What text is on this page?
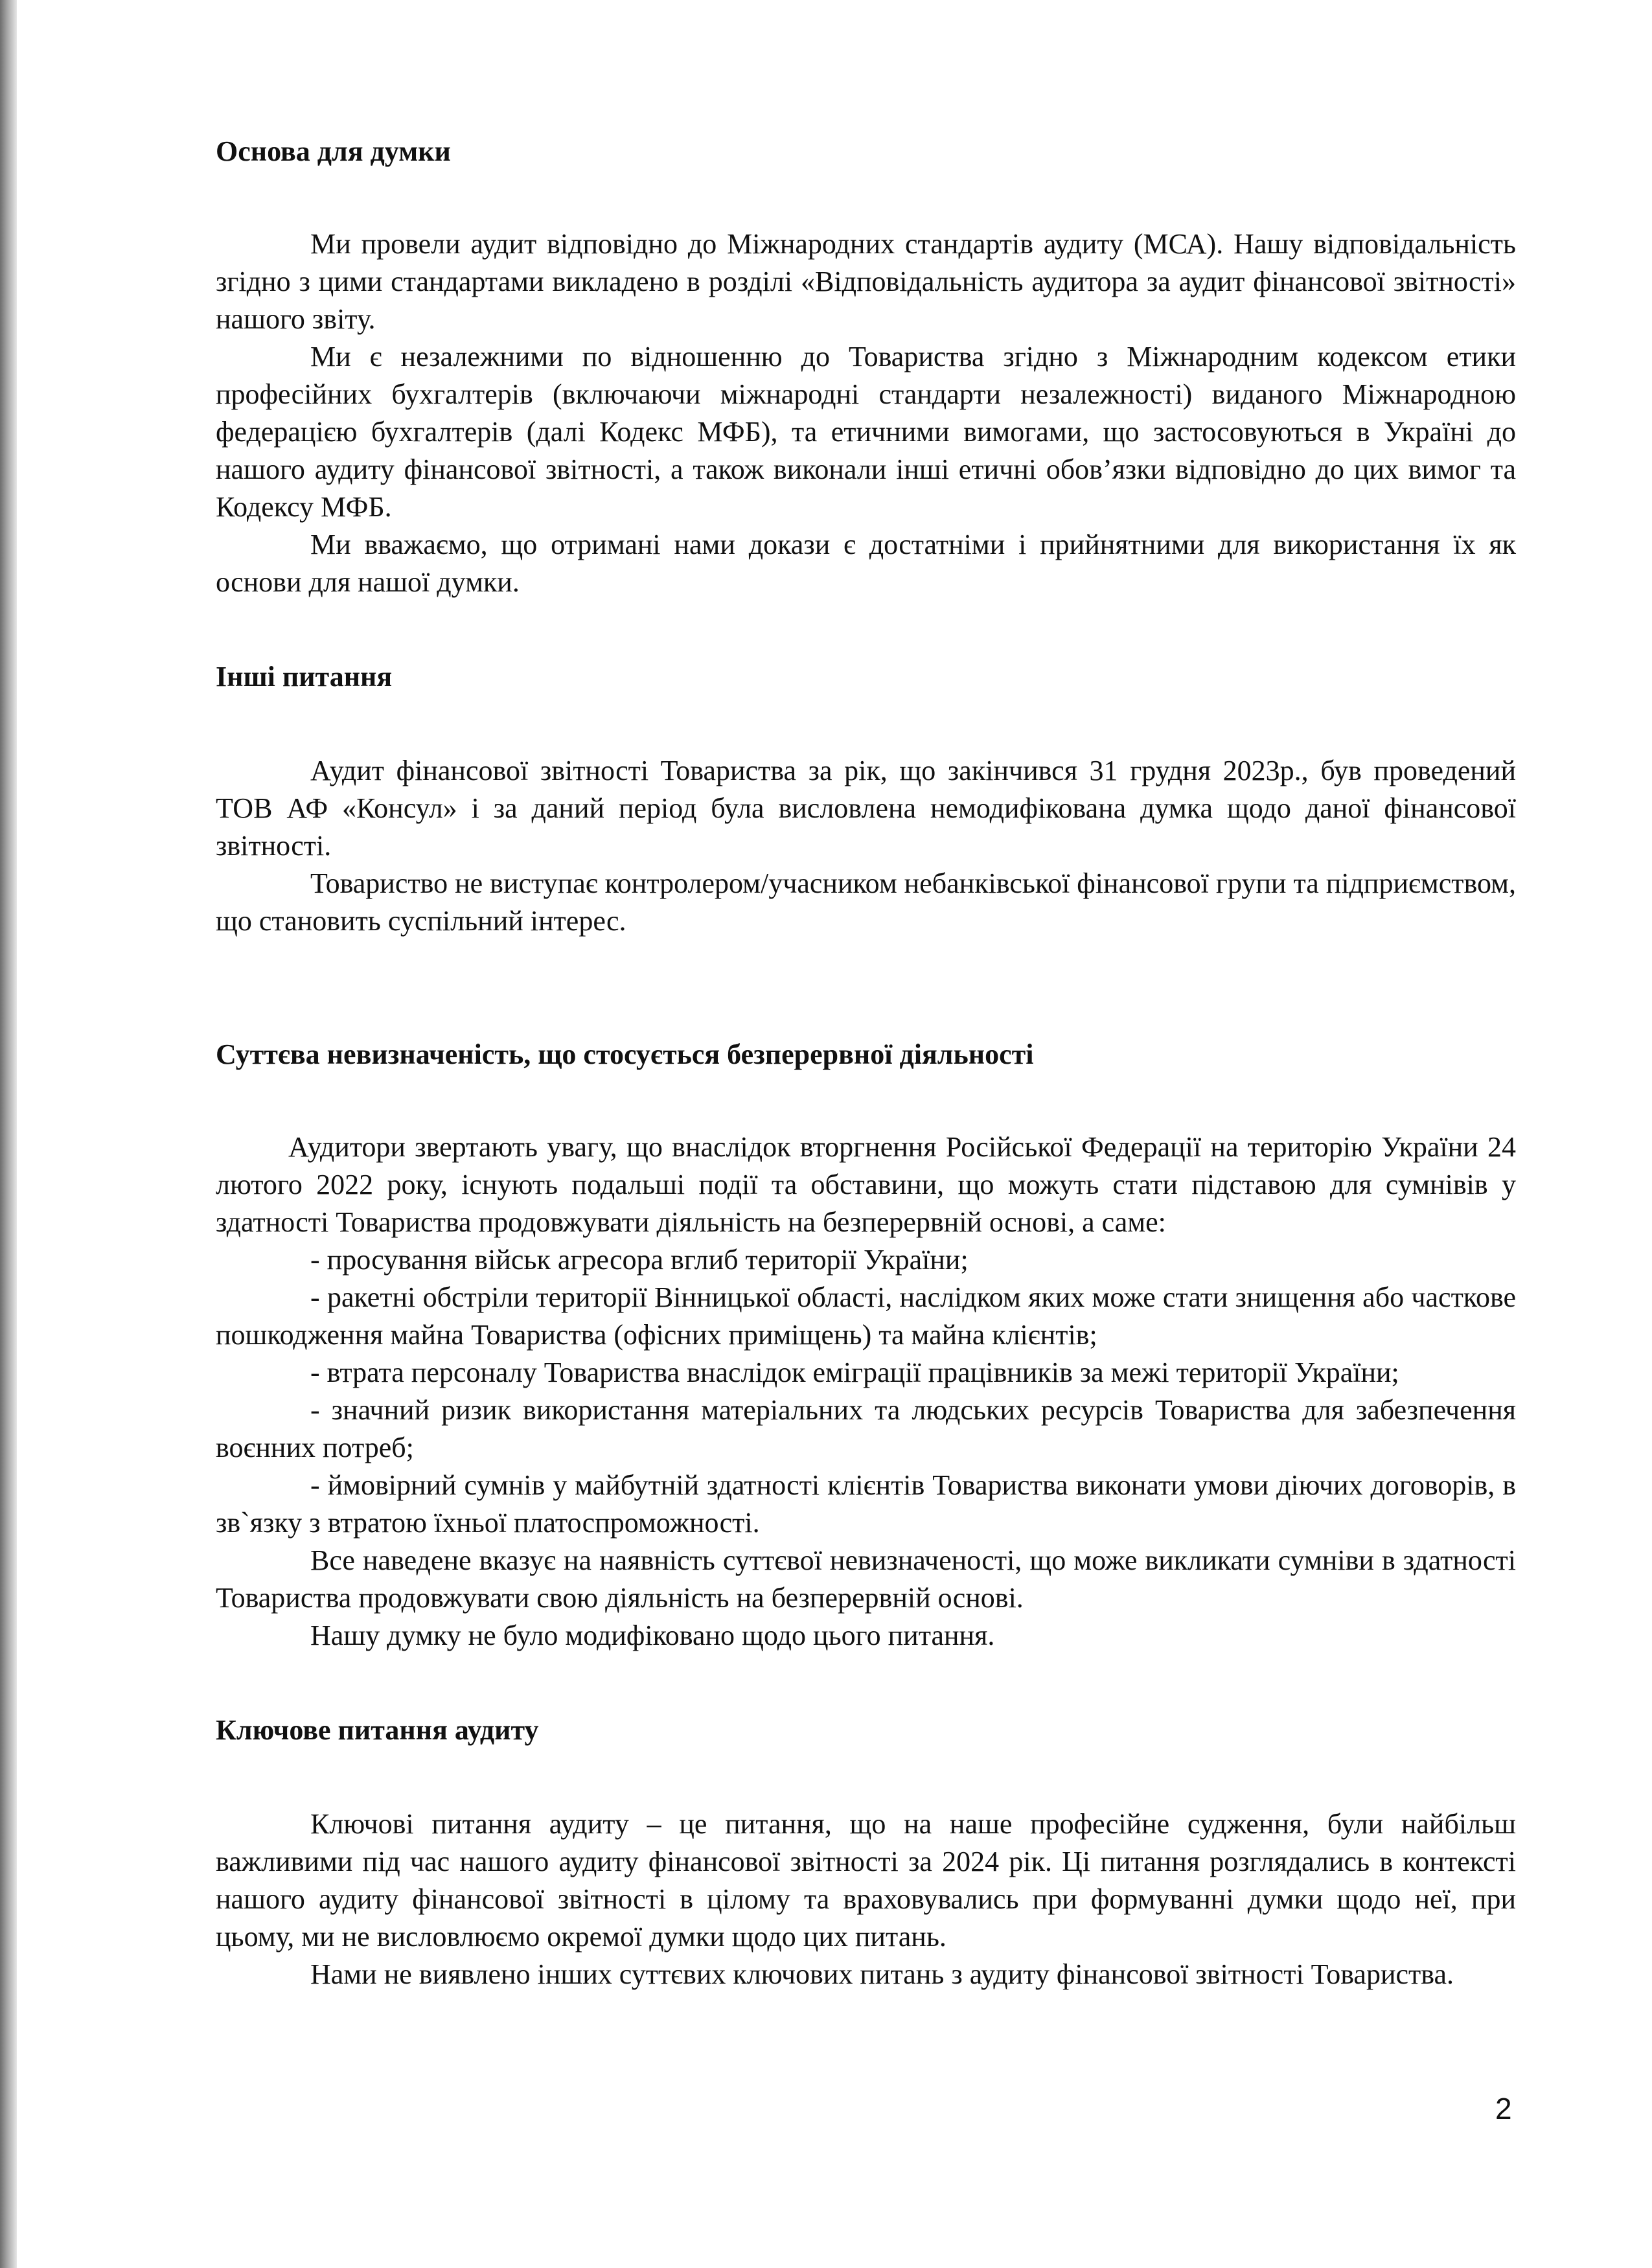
Основа для думки

Ми провели аудит відповідно до Міжнародних стандартів аудиту (МСА). Нашу відповідальність згідно з цими стандартами викладено в розділі «Відповідальність аудитора за аудит фінансової звітності» нашого звіту.

Ми є незалежними по відношенню до Товариства згідно з Міжнародним кодексом етики професійних бухгалтерів (включаючи міжнародні стандарти незалежності) виданого Міжнародною федерацією бухгалтерів (далі Кодекс МФБ), та етичними вимогами, що застосовуються в Україні до нашого аудиту фінансової звітності, а також виконали інші етичні обов’язки відповідно до цих вимог та Кодексу МФБ.

Ми вважаємо, що отримані нами докази є достатніми і прийнятними для використання їх як основи для нашої думки.

Інші питання

Аудит фінансової звітності Товариства за рік, що закінчився 31 грудня 2023р., був проведений ТОВ АФ «Консул» і за даний період була висловлена немодифікована думка щодо даної фінансової звітності.

Товариство не виступає контролером/учасником небанківської фінансової групи та підприємством, що становить суспільний інтерес.

Суттєва невизначеність, що стосується безперервної діяльності

Аудитори звертають увагу, що внаслідок вторгнення Російської Федерації на територію України 24 лютого 2022 року, існують подальші події та обставини, що можуть стати підставою для сумнівів у здатності Товариства продовжувати діяльність на безперервній основі, а саме:

- просування військ агресора вглиб території України;

- ракетні обстріли території Вінницької області, наслідком яких може стати знищення або часткове пошкодження майна Товариства (офісних приміщень) та майна клієнтів;

- втрата персоналу Товариства внаслідок еміграції працівників за межі території України;

- значний ризик використання матеріальних та людських ресурсів Товариства для забезпечення воєнних потреб;

- ймовірний сумнів у майбутній здатності клієнтів Товариства виконати умови діючих договорів, в зв`язку з втратою їхньої платоспроможності.

Все наведене вказує на наявність суттєвої невизначеності, що може викликати сумніви в здатності Товариства продовжувати свою діяльність на безперервній основі.

Нашу думку не було модифіковано щодо цього питання.

Ключове питання аудиту

Ключові питання аудиту – це питання, що на наше професійне судження, були найбільш важливими під час нашого аудиту фінансової звітності за 2024 рік. Ці питання розглядались в контексті нашого аудиту фінансової звітності в цілому та враховувались при формуванні думки щодо неї, при цьому, ми не висловлюємо окремої думки щодо цих питань.

Нами не виявлено інших суттєвих ключових питань з аудиту фінансової звітності Товариства.

2
